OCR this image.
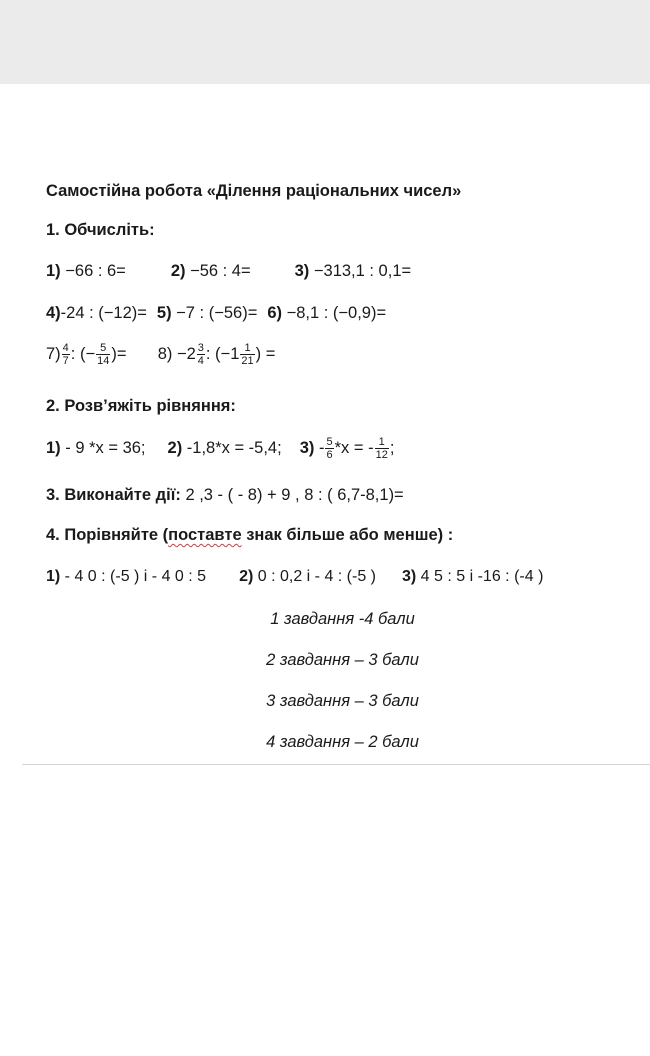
Самостійна робота «Ділення раціональних чисел»
1. Обчисліть:
1) −66 : 6=	2) −56 : 4=	3) −313,1 : 0,1=
4)-24 : (−12)= 5) −7 : (−56)= 6) −8,1 : (−0,9)=
$7) \frac{4}{7}$ : (− $\frac{5}{14}$ )= $8) -2 \frac{3}{4}$ : ($-1 \frac{1}{21}$ ) =
2. Розв’яжіть рівняння:
1) - 9 *x = 36; 2) -1,8*x = -5,4; $3) - \frac{5}{6} *x$ = - $\frac{1}{12}$ ;
3. Виконайте дії: 2 ,3 - ( - 8) + 9 , 8 : ( 6,7-8,1)=
4. Порівняйте (поставте знак більше або менше) :
1) - 4 0 : (-5 ) і - 4 0 : 5 2) 0 : 0,2 і - 4 : (-5 ) 3) 4 5 : 5 і -16 : (-4 )
1 завдання -4 бали
2 завдання – 3 бали
3 завдання – 3 бали
4 завдання – 2 бали
